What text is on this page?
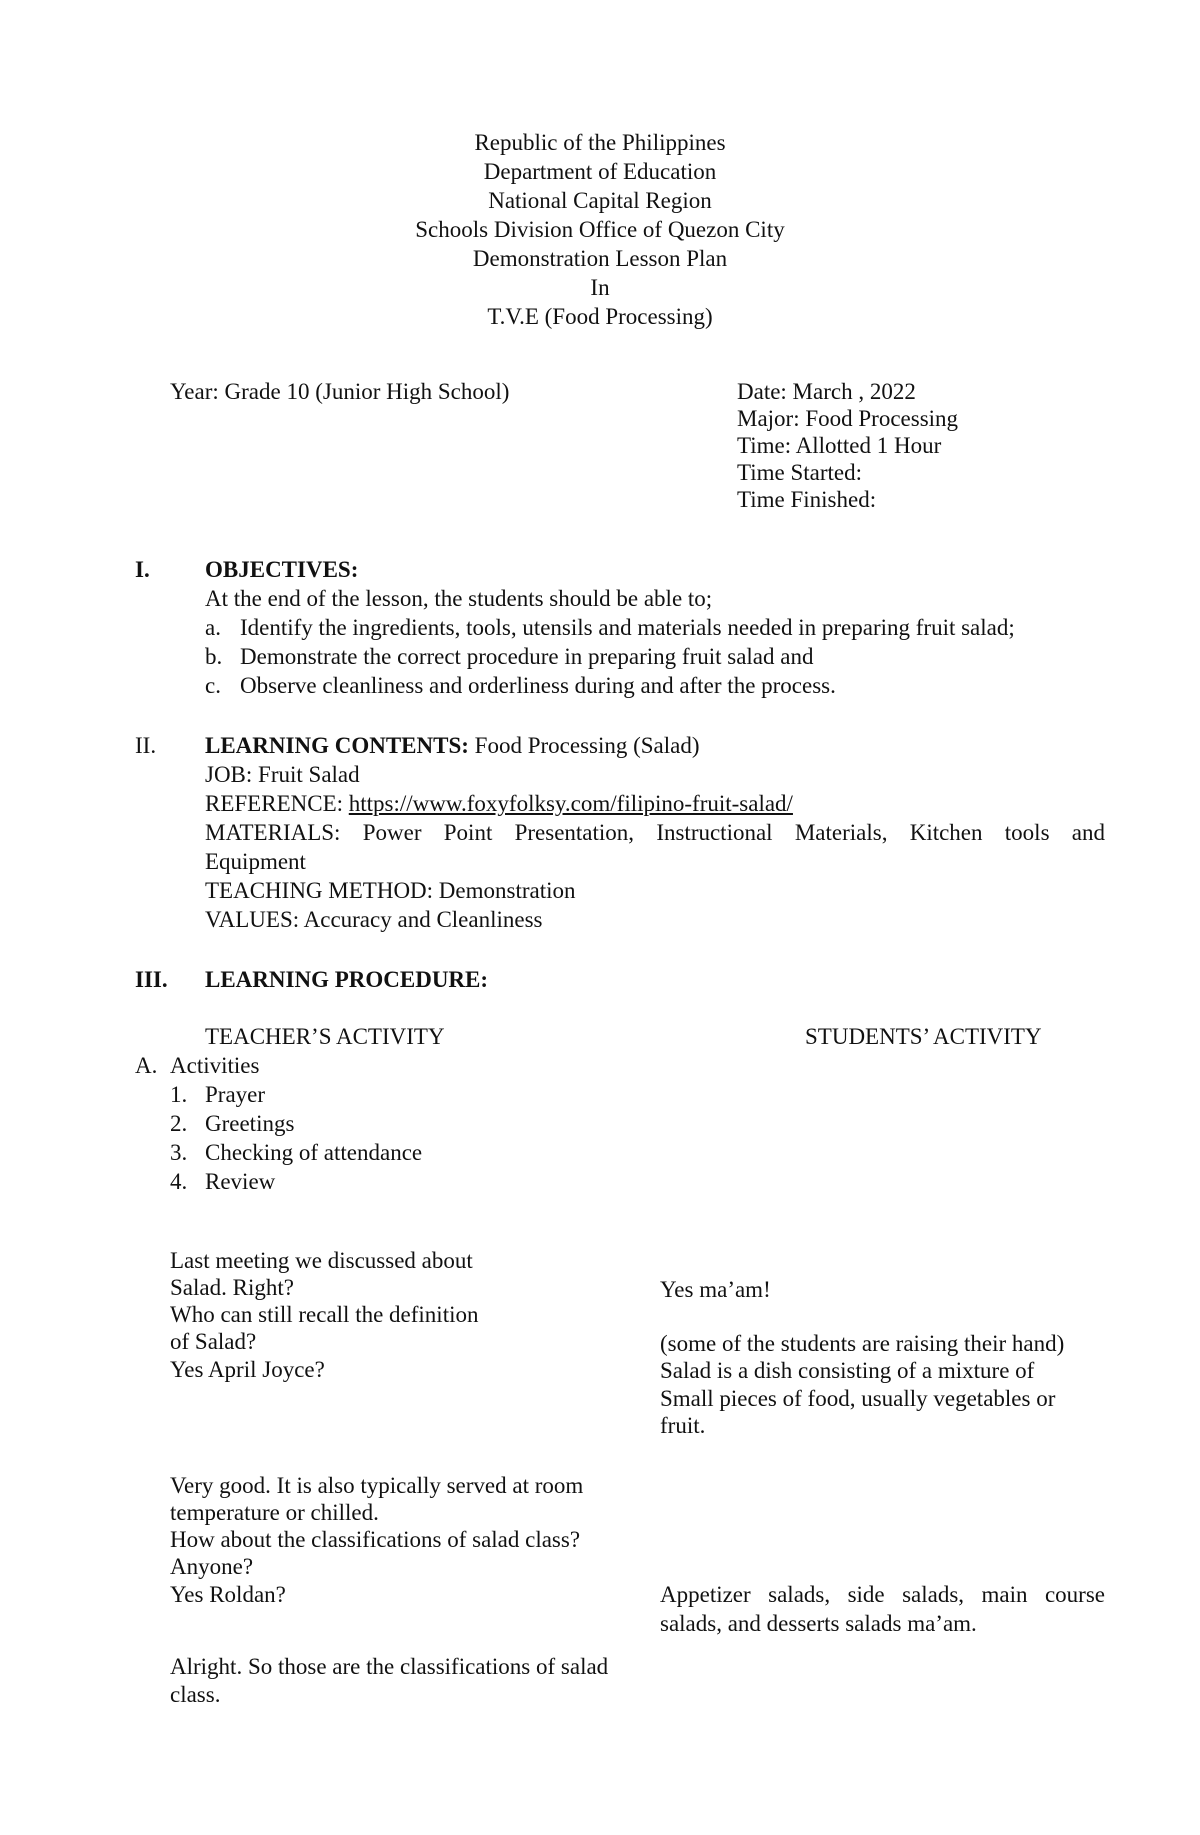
Republic of the Philippines
Department of Education
National Capital Region
Schools Division Office of Quezon City
Demonstration Lesson Plan
In
T.V.E (Food Processing)
Year: Grade 10 (Junior High School)	Date: March , 2022
Major: Food Processing
Time: Allotted 1 Hour
Time Started:
Time Finished:
I. OBJECTIVES:
At the end of the lesson, the students should be able to;
a. Identify the ingredients, tools, utensils and materials needed in preparing fruit salad;
b. Demonstrate the correct procedure in preparing fruit salad and
c. Observe cleanliness and orderliness during and after the process.
II. LEARNING CONTENTS: Food Processing (Salad)
JOB: Fruit Salad
REFERENCE: https://www.foxyfolksy.com/filipino-fruit-salad/
MATERIALS: Power Point Presentation, Instructional Materials, Kitchen tools and
Equipment
TEACHING METHOD: Demonstration
VALUES: Accuracy and Cleanliness
III. LEARNING PROCEDURE:
TEACHER’S ACTIVITY	STUDENTS’ ACTIVITY
A. Activities
1. Prayer
2. Greetings
3. Checking of attendance
4. Review
Last meeting we discussed about
Salad. Right?
Who can still recall the definition
of Salad?
Yes April Joyce?
Very good. It is also typically served at room
temperature or chilled.
How about the classifications of salad class?
Anyone?
Yes Roldan?
Alright. So those are the classifications of salad
class.
Yes ma’am!
(some of the students are raising their hand)
Salad is a dish consisting of a mixture of
Small pieces of food, usually vegetables or
fruit.
Appetizer salads, side salads, main course
salads, and desserts salads ma’am.
